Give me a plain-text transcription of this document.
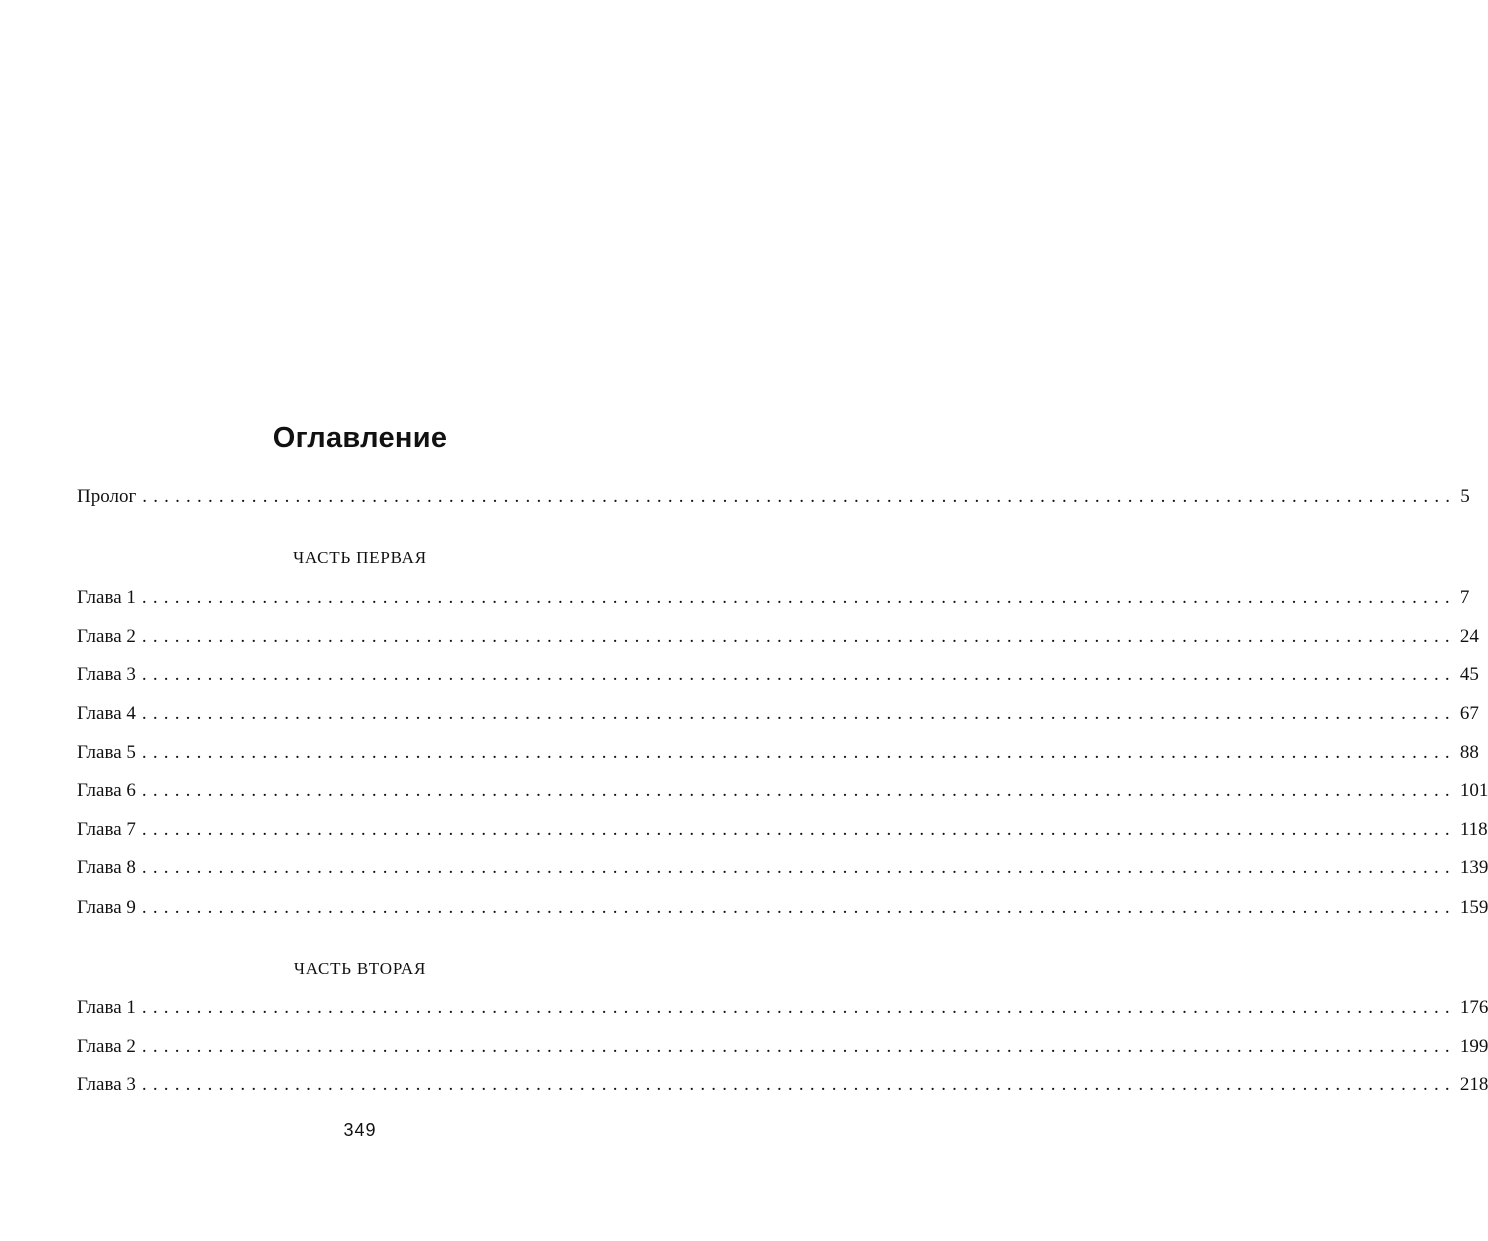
Оглавление
Пролог ........................................................................................................................ 5
ЧАСТЬ ПЕРВАЯ
Глава 1 ........................................................................................................................ 7
Глава 2 ........................................................................................................................ 24
Глава 3 ........................................................................................................................ 45
Глава 4 ........................................................................................................................ 67
Глава 5 ........................................................................................................................ 88
Глава 6 ........................................................................................................................ 101
Глава 7 ........................................................................................................................ 118
Глава 8 ........................................................................................................................ 139
Глава 9 ........................................................................................................................ 159
ЧАСТЬ ВТОРАЯ
Глава 1 ........................................................................................................................ 176
Глава 2 ........................................................................................................................ 199
Глава 3 ........................................................................................................................ 218
349
